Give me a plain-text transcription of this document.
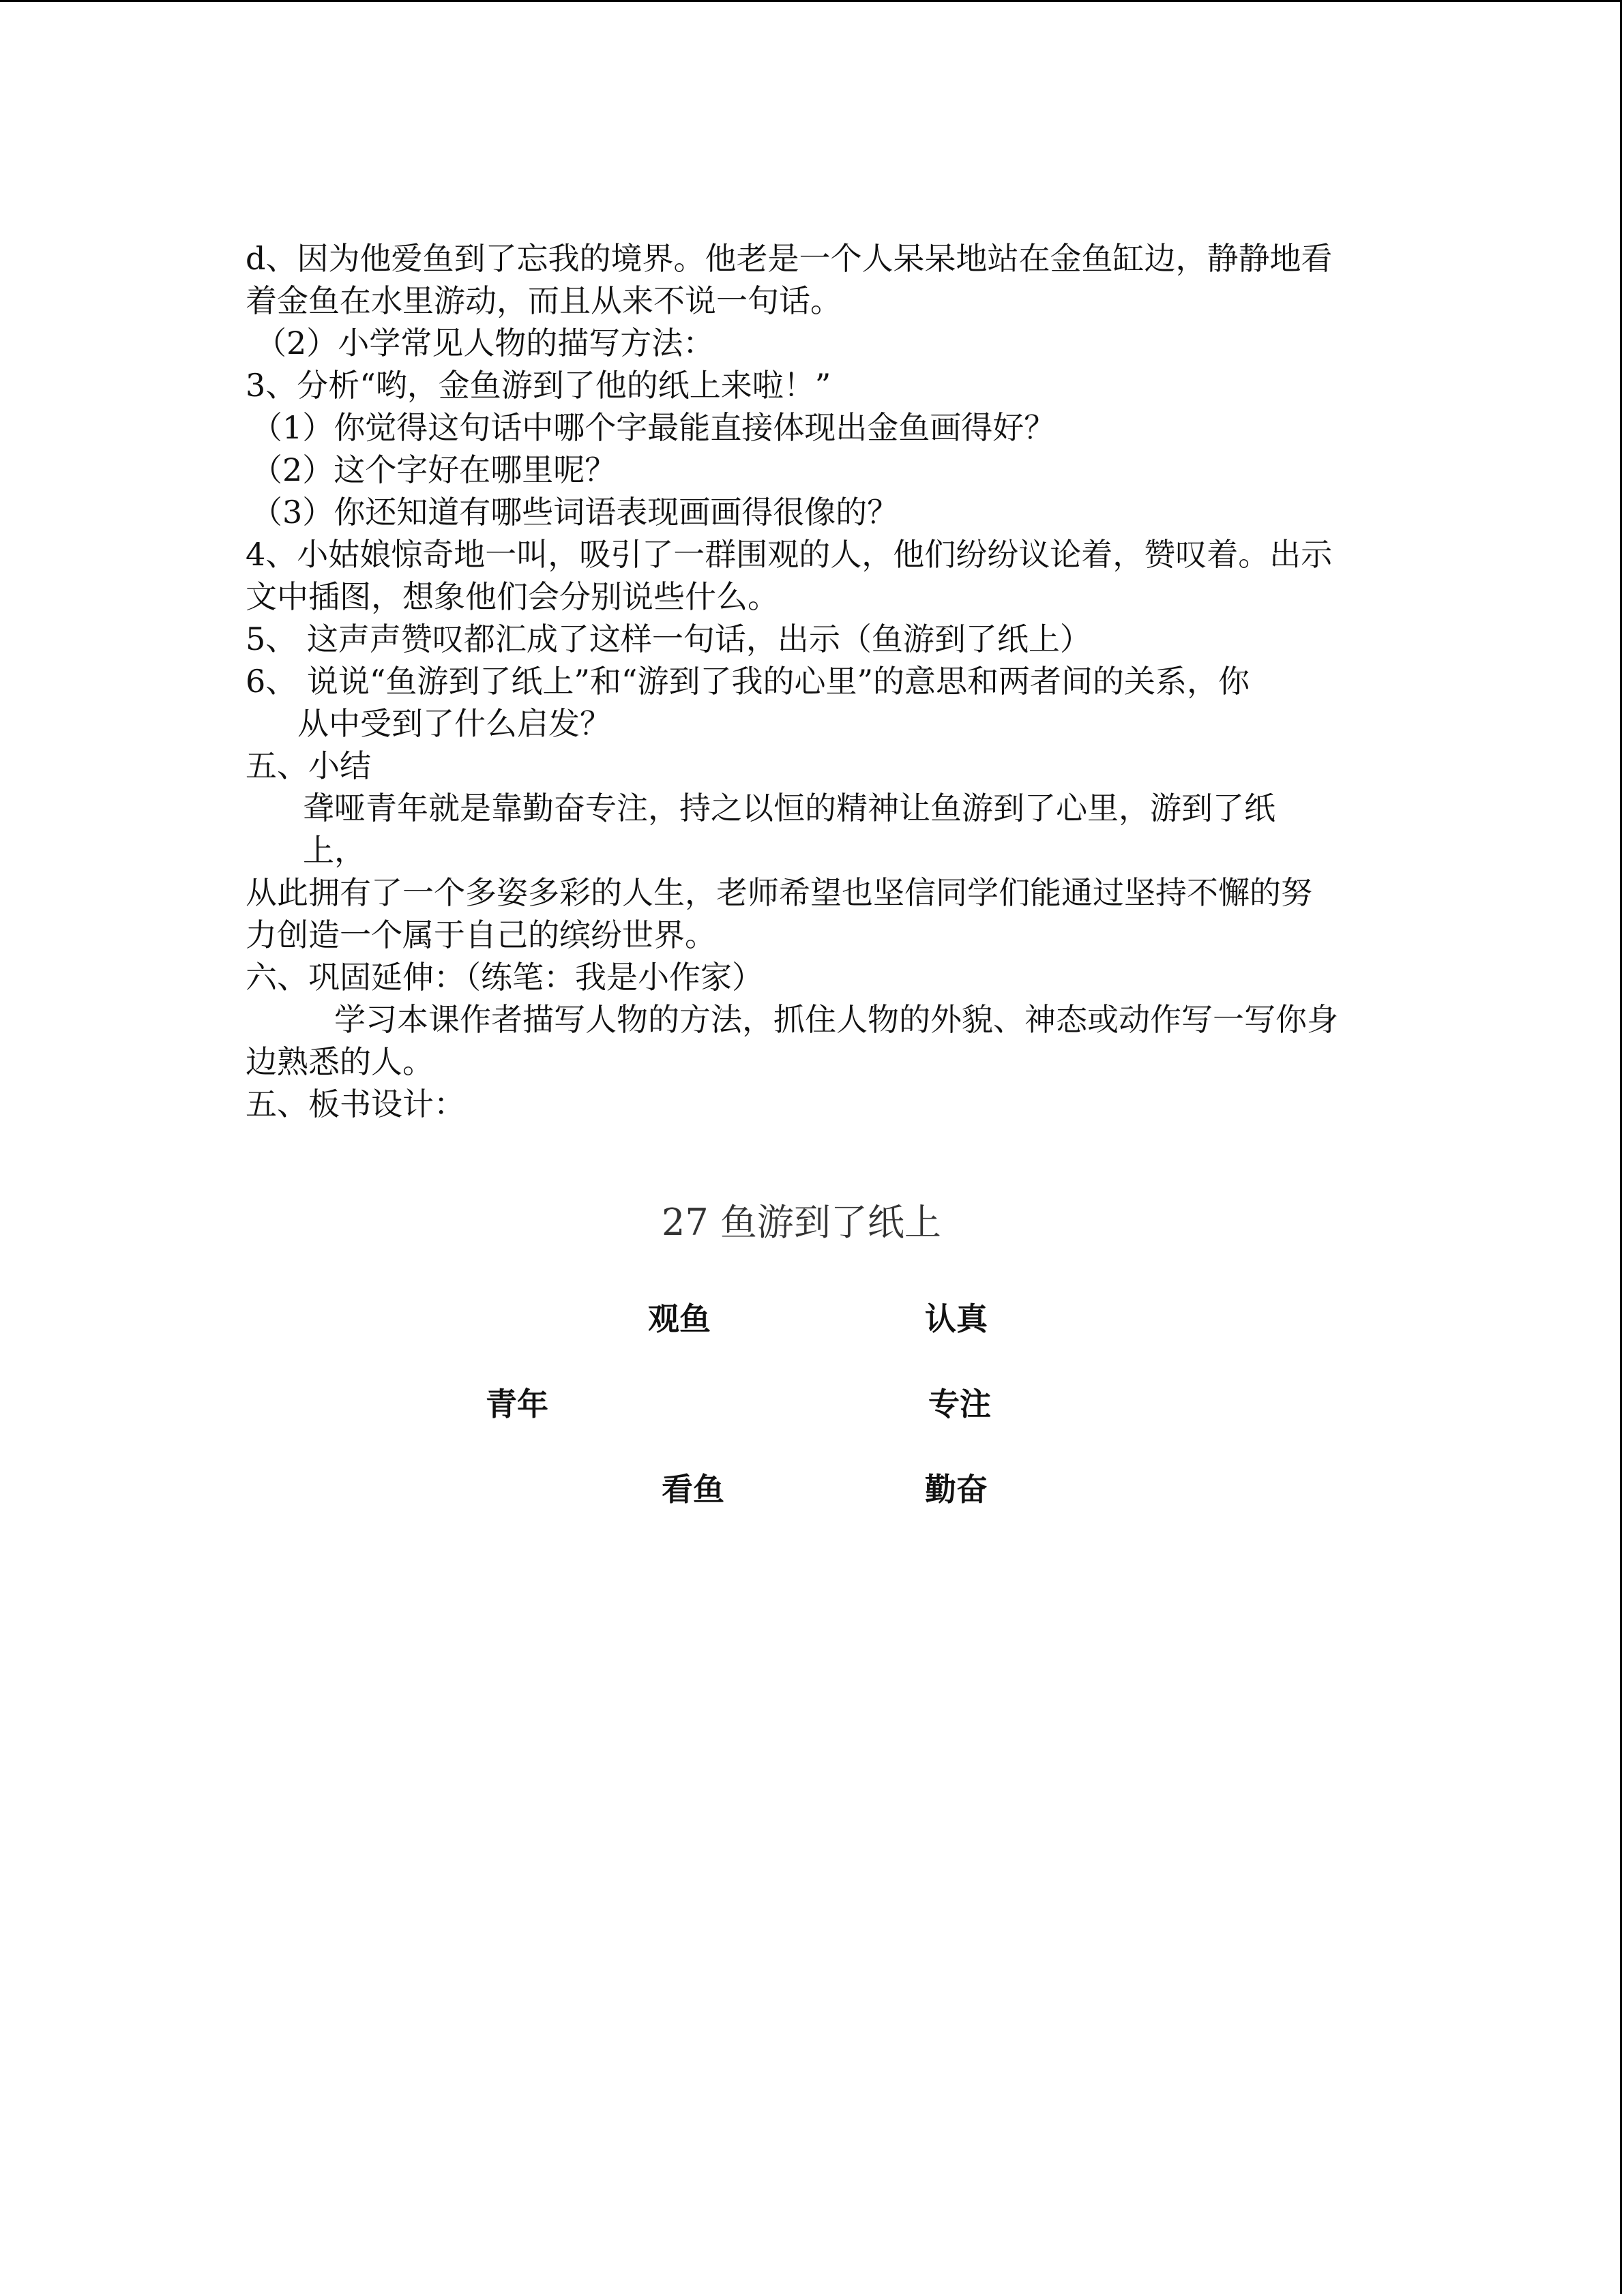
d、因为他爱鱼到了忘我的境界。他老是一个人呆呆地站在金鱼缸边，静静地看
着金鱼在水里游动，而且从来不说一句话。
（2）小学常见人物的描写方法：
3、分析“哟，金鱼游到了他的纸上来啦！”
（1）你觉得这句话中哪个字最能直接体现出金鱼画得好？
（2）这个字好在哪里呢？
（3）你还知道有哪些词语表现画画得很像的？
4、小姑娘惊奇地一叫，吸引了一群围观的人，他们纷纷议论着，赞叹着。出示
文中插图，想象他们会分别说些什么。
5、 这声声赞叹都汇成了这样一句话，出示（鱼游到了纸上）
6、 说说“鱼游到了纸上”和“游到了我的心里”的意思和两者间的关系，你
从中受到了什么启发？
五、小结
聋哑青年就是靠勤奋专注，持之以恒的精神让鱼游到了心里，游到了纸
上，
从此拥有了一个多姿多彩的人生，老师希望也坚信同学们能通过坚持不懈的努
力创造一个属于自己的缤纷世界。
六、巩固延伸：（练笔：我是小作家）
学习本课作者描写人物的方法，抓住人物的外貌、神态或动作写一写你身
边熟悉的人。
五、板书设计：
27 鱼游到了纸上
观鱼
青年
看鱼
认真
专注
勤奋
